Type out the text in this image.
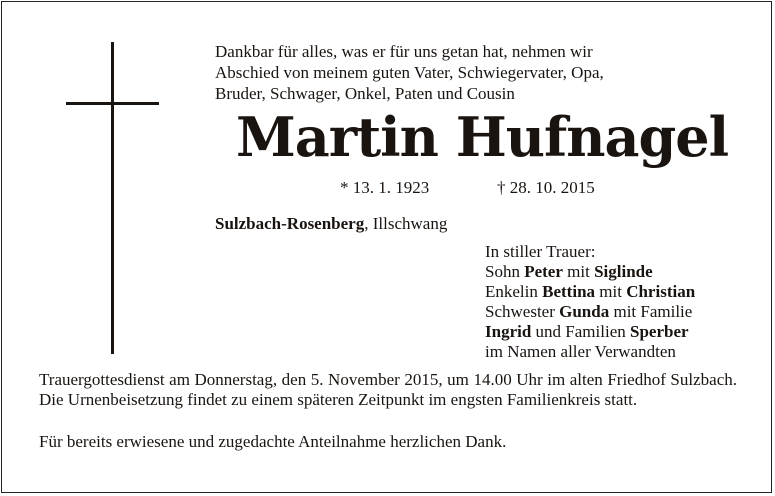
Dankbar für alles, was er für uns getan hat, nehmen wir
Abschied von meinem guten Vater, Schwiegervater, Opa,
Bruder, Schwager, Onkel, Paten und Cousin
Martin Hufnagel
* 13. 1. 1923	† 28. 10. 2015
Sulzbach-Rosenberg, Illschwang
In stiller Trauer:
Sohn Peter mit Siglinde
Enkelin Bettina mit Christian
Schwester Gunda mit Familie
Ingrid und Familien Sperber
im Namen aller Verwandten
Trauergottesdienst am Donnerstag, den 5. November 2015, um 14.00 Uhr im alten Friedhof Sulzbach. Die Urnenbeisetzung findet zu einem späteren Zeitpunkt im engsten Familienkreis statt.
Für bereits erwiesene und zugedachte Anteilnahme herzlichen Dank.
